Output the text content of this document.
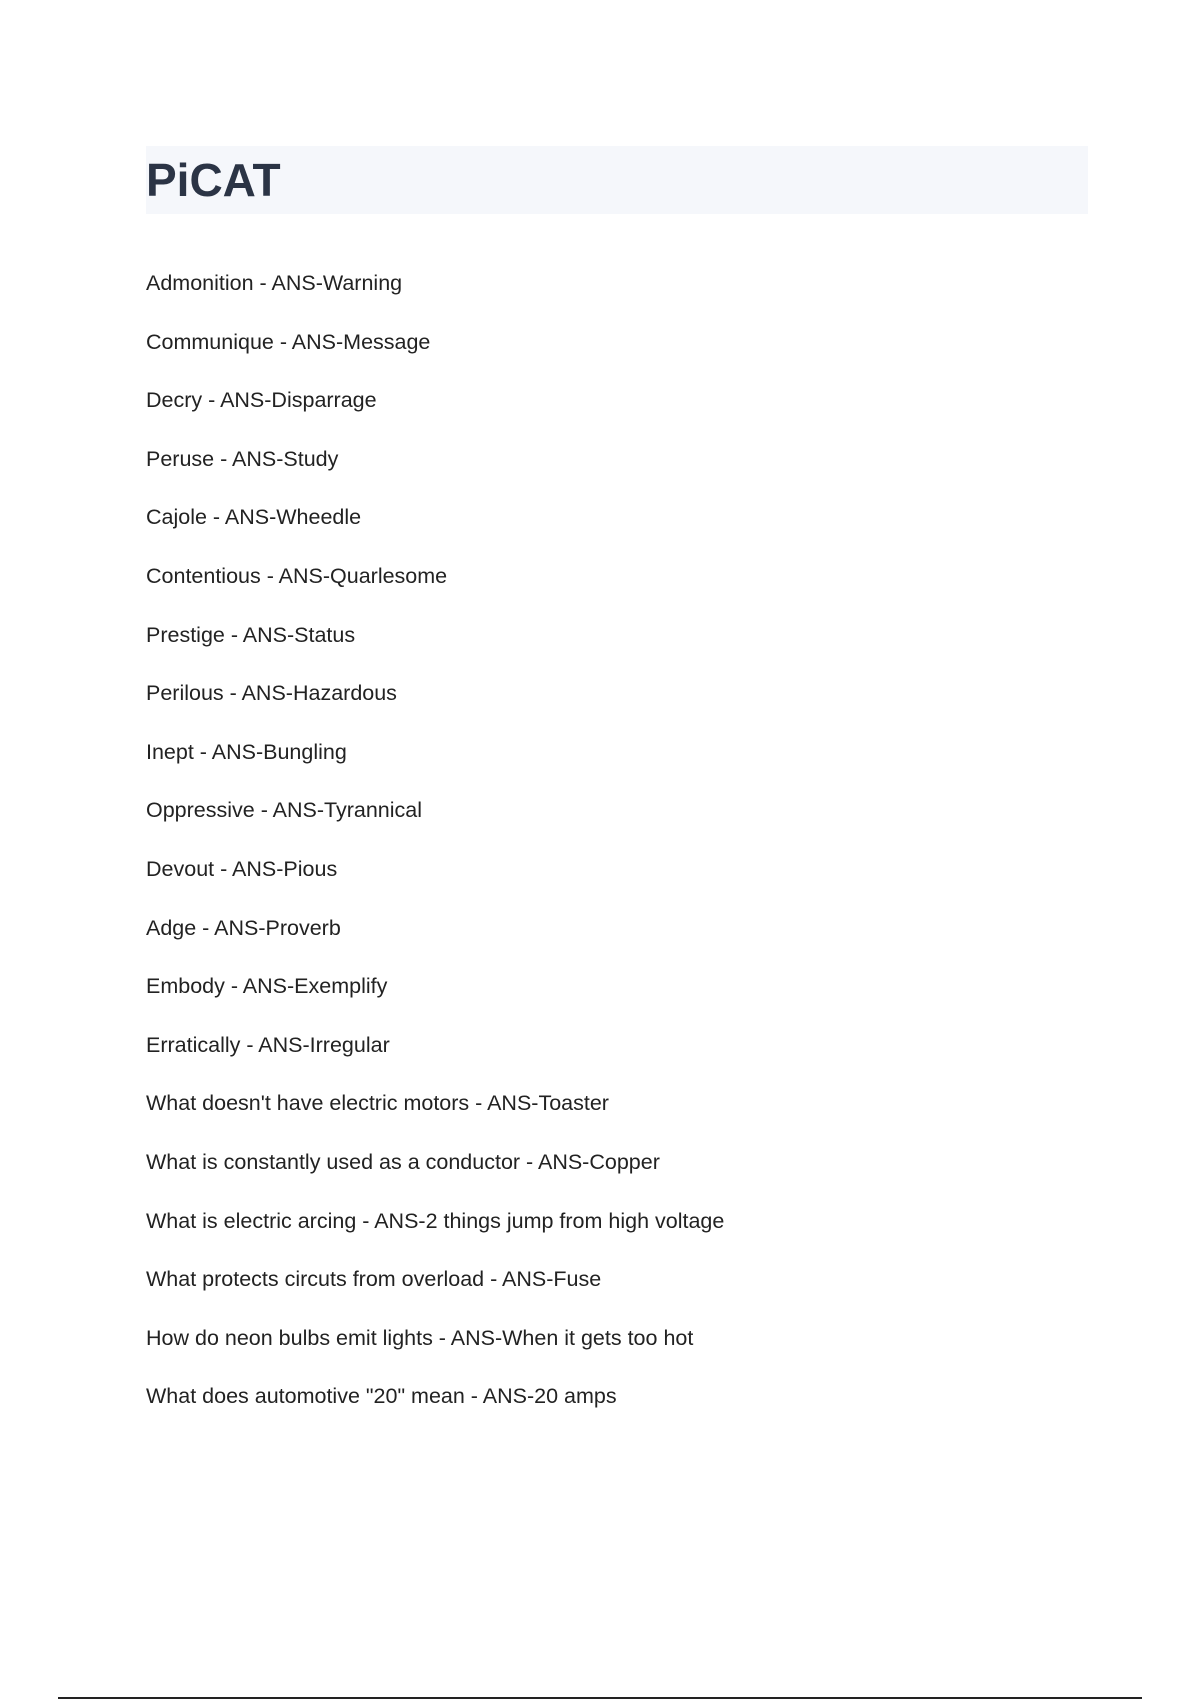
PiCAT
Admonition - ANS-Warning
Communique - ANS-Message
Decry - ANS-Disparrage
Peruse - ANS-Study
Cajole - ANS-Wheedle
Contentious - ANS-Quarlesome
Prestige - ANS-Status
Perilous - ANS-Hazardous
Inept - ANS-Bungling
Oppressive - ANS-Tyrannical
Devout - ANS-Pious
Adge - ANS-Proverb
Embody - ANS-Exemplify
Erratically - ANS-Irregular
What doesn't have electric motors - ANS-Toaster
What is constantly used as a conductor - ANS-Copper
What is electric arcing - ANS-2 things jump from high voltage
What protects circuts from overload - ANS-Fuse
How do neon bulbs emit lights - ANS-When it gets too hot
What does automotive "20" mean - ANS-20 amps
